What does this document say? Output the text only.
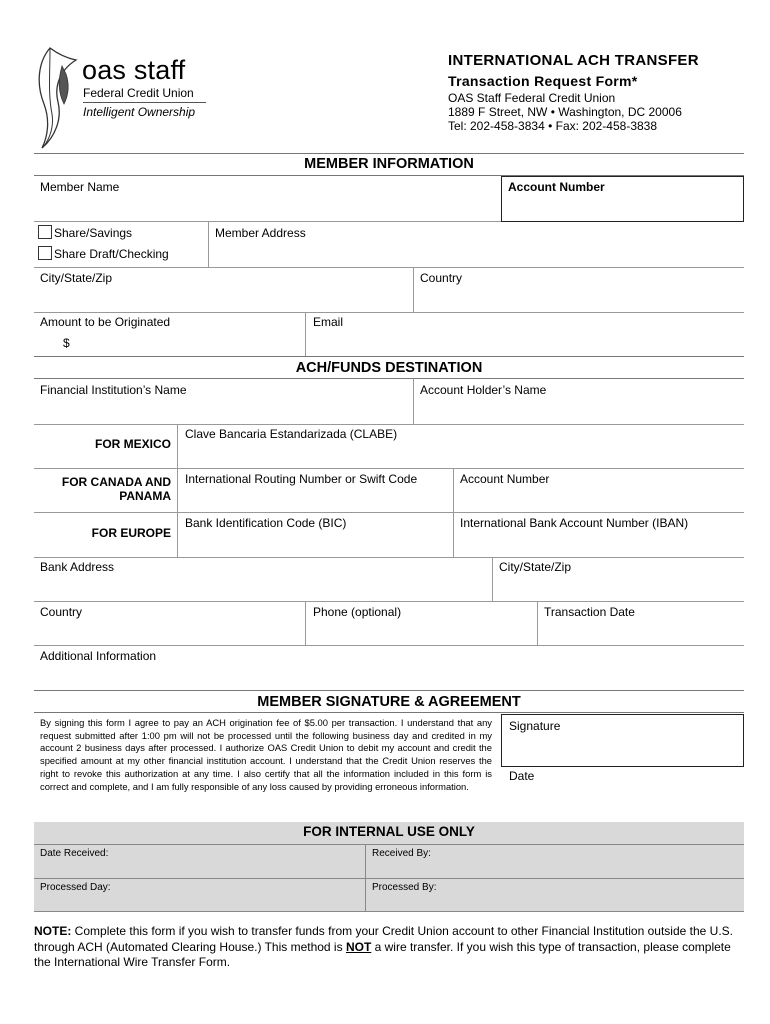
oas staff
Federal Credit Union
Intelligent Ownership
INTERNATIONAL ACH TRANSFER
Transaction Request Form*
OAS Staff Federal Credit Union
1889 F Street, NW • Washington, DC 20006
Tel: 202-458-3834 • Fax: 202-458-3838
MEMBER INFORMATION
Member Name	Account Number
Share/Savings
Share Draft/Checking
Member Address
City/State/Zip	Country
Amount to be Originated
$
Email
ACH/FUNDS DESTINATION
Financial Institution’s Name	Account Holder’s Name
FOR MEXICO
Clave Bancaria Estandarizada (CLABE)
FOR CANADA AND
PANAMA
International Routing Number or Swift Code	Account Number
FOR EUROPE
Bank Identification Code (BIC)	International Bank Account Number (IBAN)
Bank Address	City/State/Zip
Country	Phone (optional)	Transaction Date
Additional Information
MEMBER SIGNATURE & AGREEMENT
By signing this form I agree to pay an ACH origination fee of $5.00 per transaction. I understand that any request submitted after 1:00 pm will not be processed until the following business day and credited in my account 2 business days after processed. I authorize OAS Credit Union to debit my account and credit the specified amount at my other financial institution account. I understand that the Credit Union reserves the right to revoke this authorization at any time. I also certify that all the information included in this form is correct and complete, and I am fully responsible of any loss caused by providing erroneous information.
Signature
Date
FOR INTERNAL USE ONLY
Date Received:	Received By:
Processed Day:	Processed By:
NOTE: Complete this form if you wish to transfer funds from your Credit Union account to other Financial Institution outside the U.S. through ACH (Automated Clearing House.) This method is NOT a wire transfer. If you wish this type of transaction, please complete the International Wire Transfer Form.
